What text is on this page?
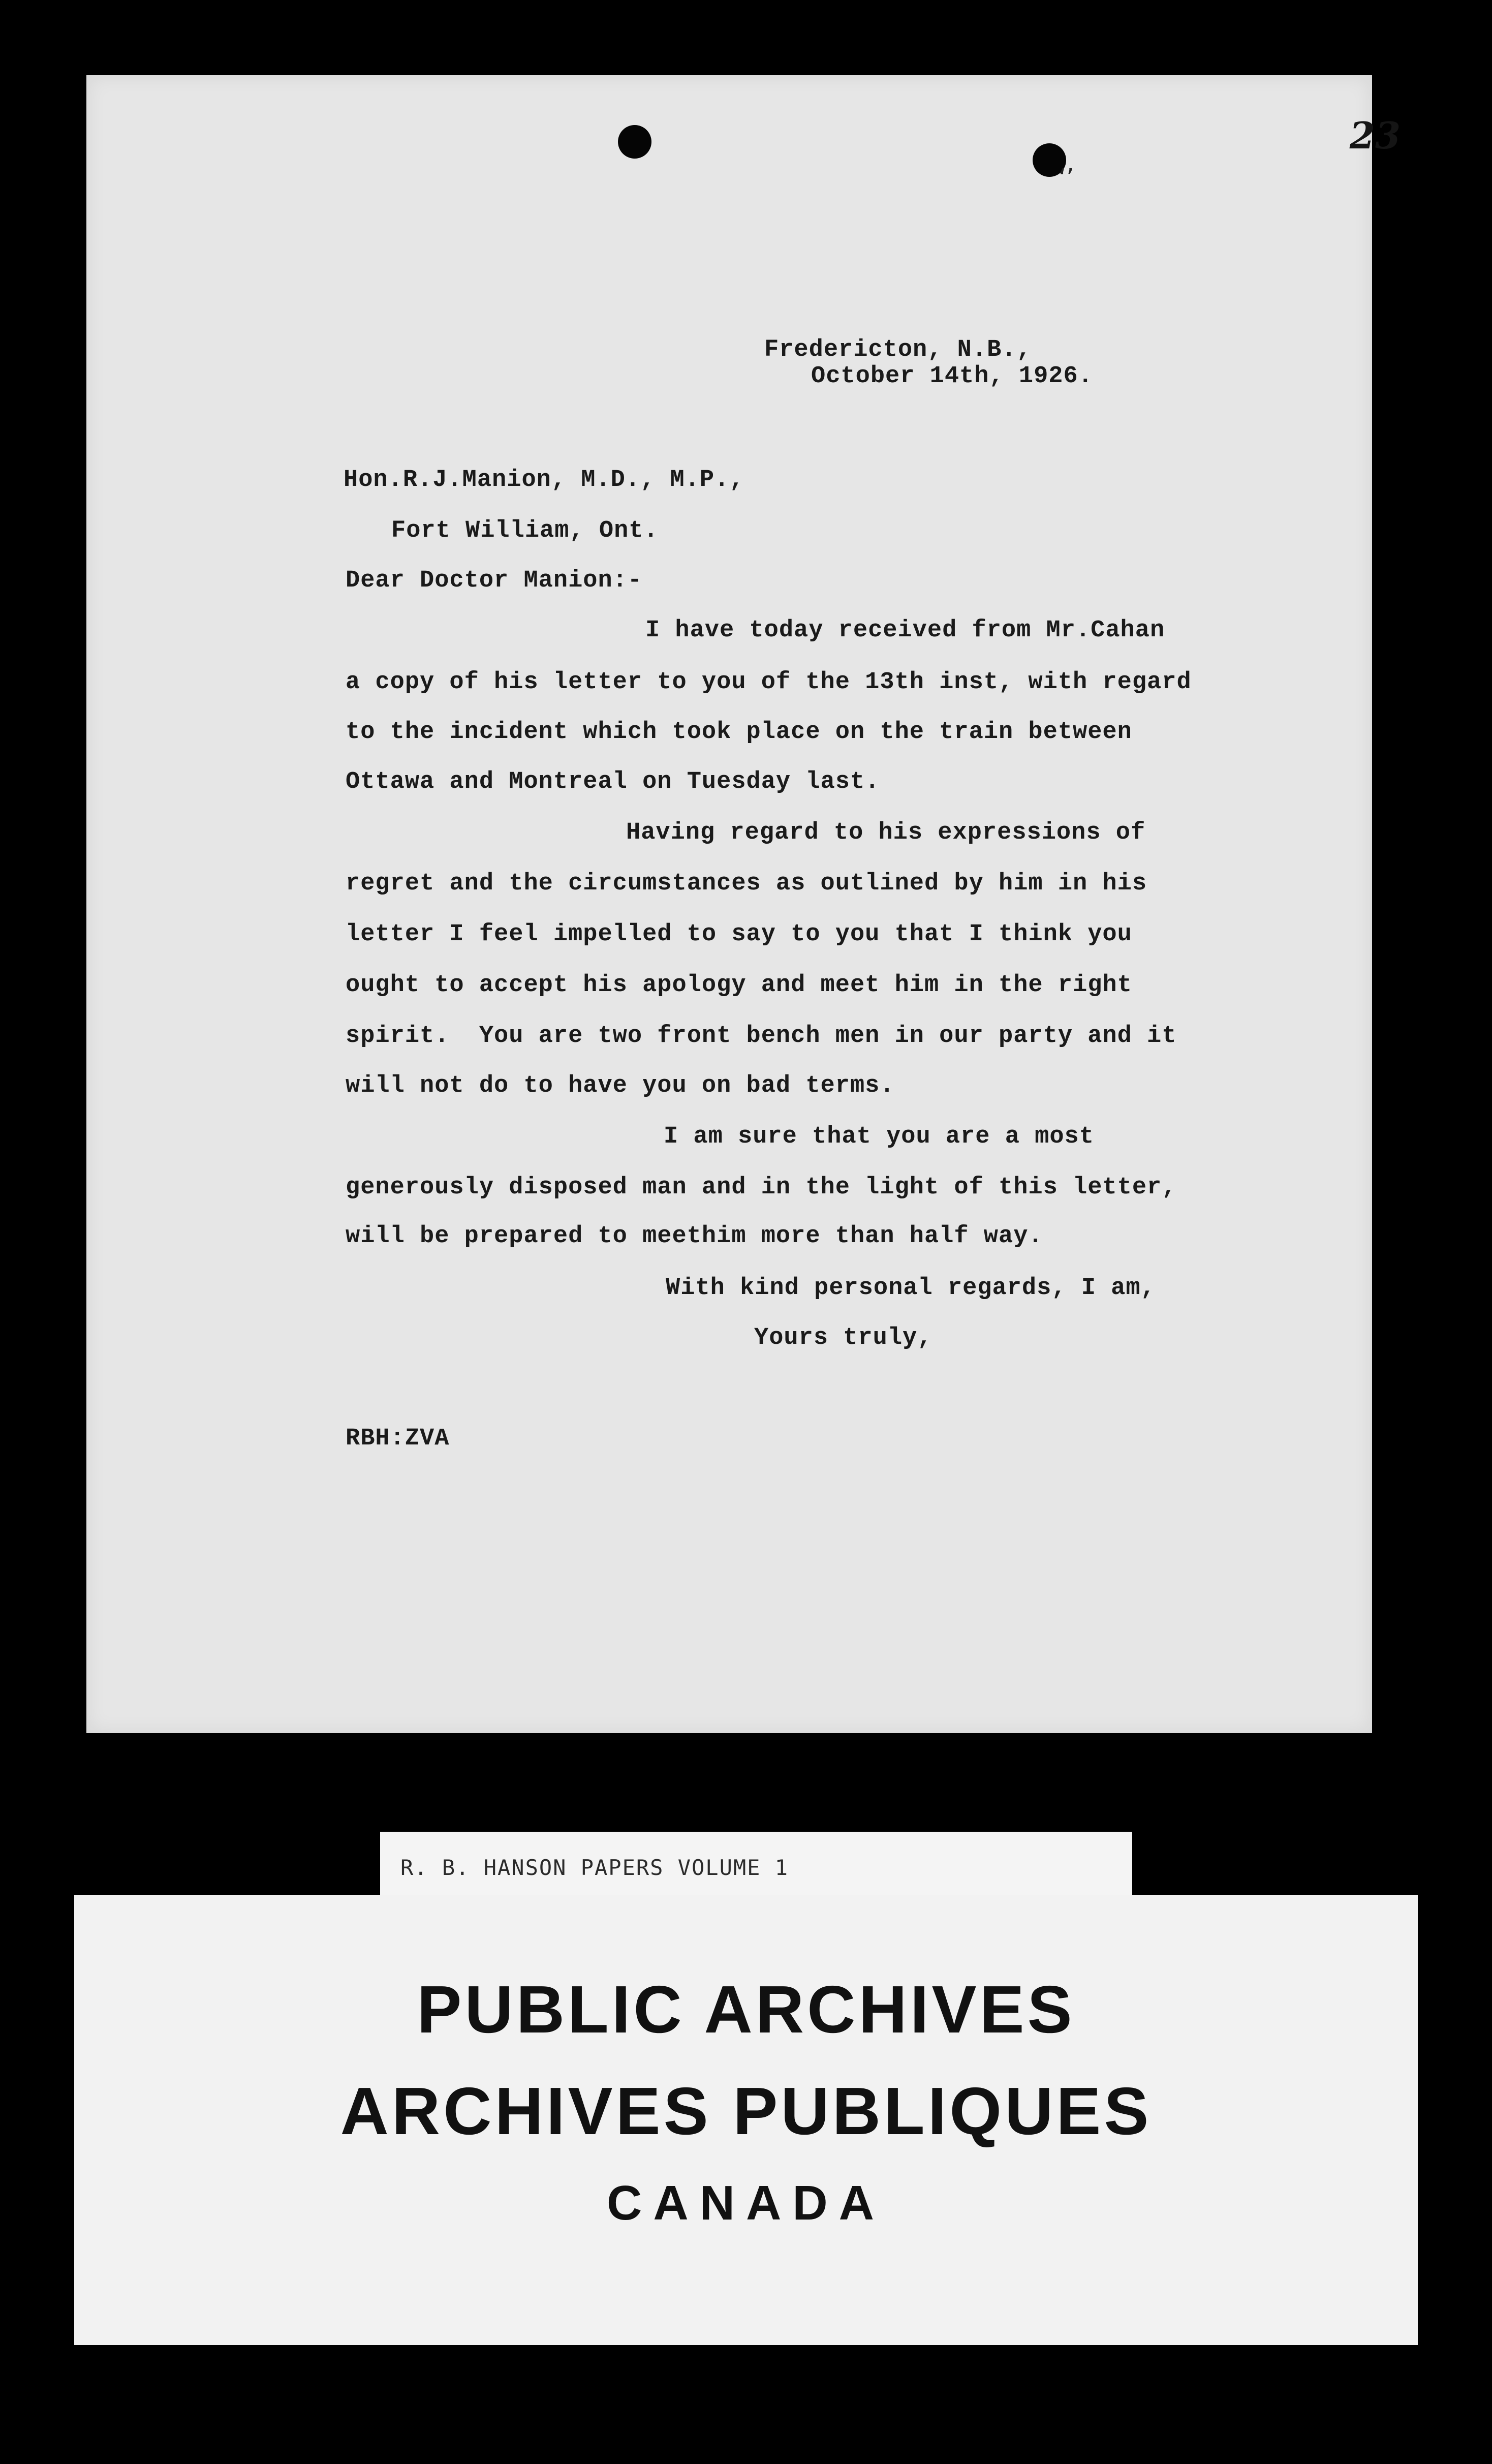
‘’
23
Fredericton, N.B.,
October 14th, 1926.
Hon.R.J.Manion, M.D., M.P.,
Fort William, Ont.
Dear Doctor Manion:-
I have today received from Mr.Cahan
a copy of his letter to you of the 13th inst, with regard
to the incident which took place on the train between
Ottawa and Montreal on Tuesday last.
Having regard to his expressions of
regret and the circumstances as outlined by him in his
letter I feel impelled to say to you that I think you
ought to accept his apology and meet him in the right
spirit.  You are two front bench men in our party and it
will not do to have you on bad terms.
I am sure that you are a most
generously disposed man and in the light of this letter,
will be prepared to meethim more than half way.
With kind personal regards, I am,
Yours truly,
RBH:ZVA
R. B. HANSON PAPERS VOLUME 1
PUBLIC ARCHIVES
ARCHIVES PUBLIQUES
CANADA
